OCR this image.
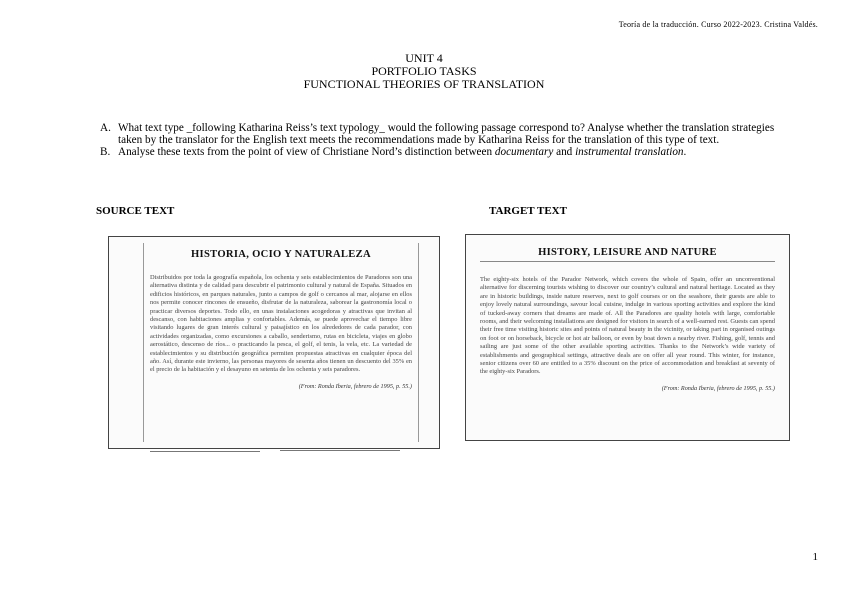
Teoría de la traducción. Curso 2022-2023. Cristina Valdés.
UNIT 4
PORTFOLIO TASKS
FUNCTIONAL THEORIES OF TRANSLATION

A. What text type _following Katharina Reiss’s text typology_ would the following passage correspond to? Analyse whether the translation strategies taken by the translator for the English text meets the recommendations made by Katharina Reiss for the translation of this type of text.

B. Analyse these texts from the point of view of Christiane Nord’s distinction between documentary and instrumental translation.

SOURCE TEXT	TARGET TEXT
HISTORIA, OCIO Y NATURALEZA

Distribuidos por toda la geografía española, los ochenta y seis establecimientos de Paradores son una alternativa distinta y de calidad para descubrir el patrimonio cultural y natural de España. Situados en edificios históricos, en parques naturales, junto a campos de golf o cercanos al mar, alojarse en ellos nos permite conocer rincones de ensueño, disfrutar de la naturaleza, saborear la gastronomía local o practicar diversos deportes. Todo ello, en unas instalaciones acogedoras y atractivas que invitan al descanso, con habitaciones amplias y confortables. Además, se puede aprovechar el tiempo libre visitando lugares de gran interés cultural y paisajístico en los alrededores de cada parador, con actividades organizadas, como excursiones a caballo, senderismo, rutas en bicicleta, viajes en globo aerostático, descenso de ríos... o practicando la pesca, el golf, el tenis, la vela, etc. La variedad de establecimientos y su distribución geográfica permiten propuestas atractivas en cualquier época del año. Así, durante este invierno, las personas mayores de sesenta años tienen un descuento del 35% en el precio de la habitación y el desayuno en setenta de los ochenta y seis paradores.

(From: Ronda Iberia, febrero de 1995, p. 55.)
HISTORY, LEISURE AND NATURE

The eighty-six hotels of the Parador Network, which covers the whole of Spain, offer an unconventional alternative for discerning tourists wishing to discover our country’s cultural and natural heritage. Located as they are in historic buildings, inside nature reserves, next to golf courses or on the seashore, their guests are able to enjoy lovely natural surroundings, savour local cuisine, indulge in various sporting activities and explore the kind of tucked-away corners that dreams are made of. All the Paradores are quality hotels with large, comfortable rooms, and their welcoming installations are designed for visitors in search of a well-earned rest. Guests can spend their free time visiting historic sites and points of natural beauty in the vicinity, or taking part in organised outings on foot or on horseback, bicycle or hot air balloon, or even by boat down a nearby river. Fishing, golf, tennis and sailing are just some of the other available sporting activities. Thanks to the Network’s wide variety of establishments and geographical settings, attractive deals are on offer all year round. This winter, for instance, senior citizens over 60 are entitled to a 35% discount on the price of accommodation and breakfast at seventy of the eighty-six Paradors.

(From: Ronda Iberia, febrero de 1995, p. 55.)
1
